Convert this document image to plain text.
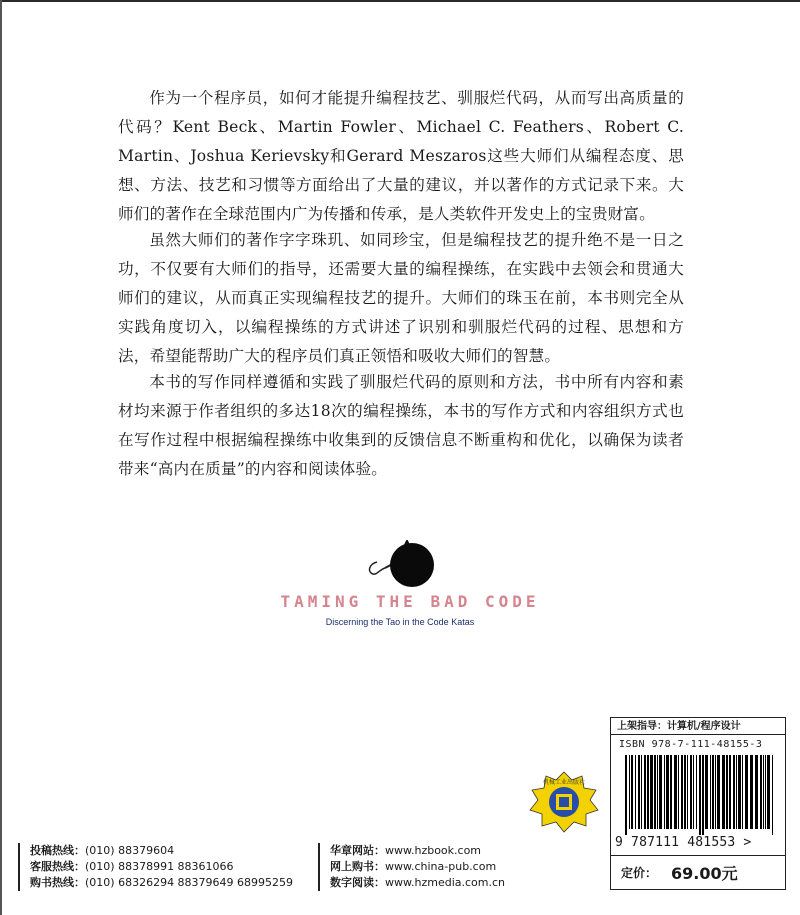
作为一个程序员，如何才能提升编程技艺、驯服烂代码，从而写出高质量的代码？Kent Beck、Martin Fowler、Michael C. Feathers、Robert C. Martin、Joshua Kerievsky和Gerard Meszaros这些大师们从编程态度、思想、方法、技艺和习惯等方面给出了大量的建议，并以著作的方式记录下来。大师们的著作在全球范围内广为传播和传承，是人类软件开发史上的宝贵财富。

虽然大师们的著作字字珠玑、如同珍宝，但是编程技艺的提升绝不是一日之功，不仅要有大师们的指导，还需要大量的编程操练，在实践中去领会和贯通大师们的建议，从而真正实现编程技艺的提升。大师们的珠玉在前，本书则完全从实践角度切入，以编程操练的方式讲述了识别和驯服烂代码的过程、思想和方法，希望能帮助广大的程序员们真正领悟和吸收大师们的智慧。

本书的写作同样遵循和实践了驯服烂代码的原则和方法，书中所有内容和素材均来源于作者组织的多达18次的编程操练，本书的写作方式和内容组织方式也在写作过程中根据编程操练中收集到的反馈信息不断重构和优化，以确保为读者带来“高内在质量”的内容和阅读体验。

TAMING THE BAD CODE
Discerning the Tao in the Code Katas
机械工业出版社
上架指导：计算机/程序设计
ISBN 978-7-111-48155-3
9 787111 481553 >
定价： 69.00元
投稿热线：(010) 88379604
客服热线：(010) 88378991 88361066
购书热线：(010) 68326294 88379649 68995259
华章网站：www.hzbook.com
网上购书：www.china-pub.com
数字阅读：www.hzmedia.com.cn
